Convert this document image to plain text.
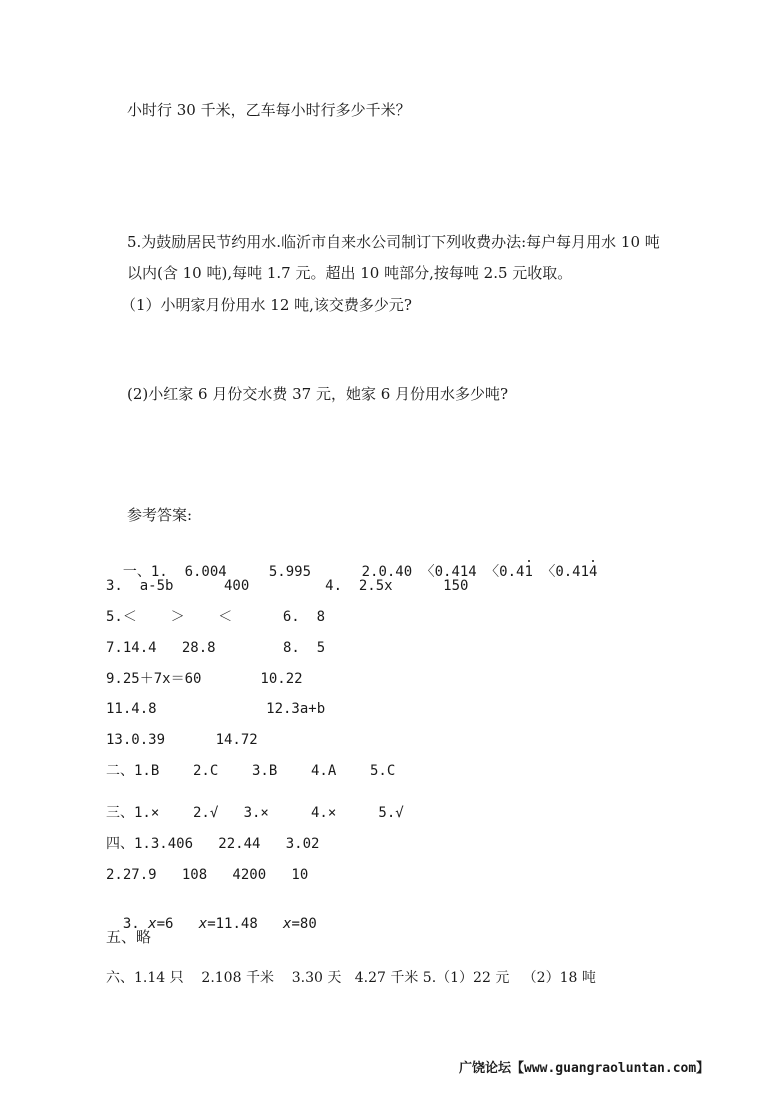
小时行 30 千米，乙车每小时行多少千米？
5.为鼓励居民节约用水.临沂市自来水公司制订下列收费办法:每户每月用水 10 吨
以内(含 10 吨),每吨 1.7 元。超出 10 吨部分,按每吨 2.5 元收取。
（1）小明家月份用水 12 吨,该交费多少元?
(2)小红家 6 月份交水费 37 元，她家 6 月份用水多少吨?
参考答案:

一、1.  6.004     5.995	2.0.40 〈0.414 〈0.41 〈0.414

3.  a-5b      400         4.  2.5x      150
5.＜    ＞    ＜      6.  8
7.14.4   28.8        8.  5
9.25＋7x＝60       10.22
11.4.8             12.3a+b
13.0.39      14.72
二、1.B    2.C    3.B    4.A    5.C
三、1.×    2.√   3.×     4.×     5.√
四、1.3.406   22.44   3.02
2.27.9   108   4200   10

3. x=6   x=11.48   x=80

五、略
六、1.14 只    2.108 千米    3.30 天   4.27 千米 5.（1）22 元   （2）18 吨
广饶论坛【www.guangraoluntan.com】
